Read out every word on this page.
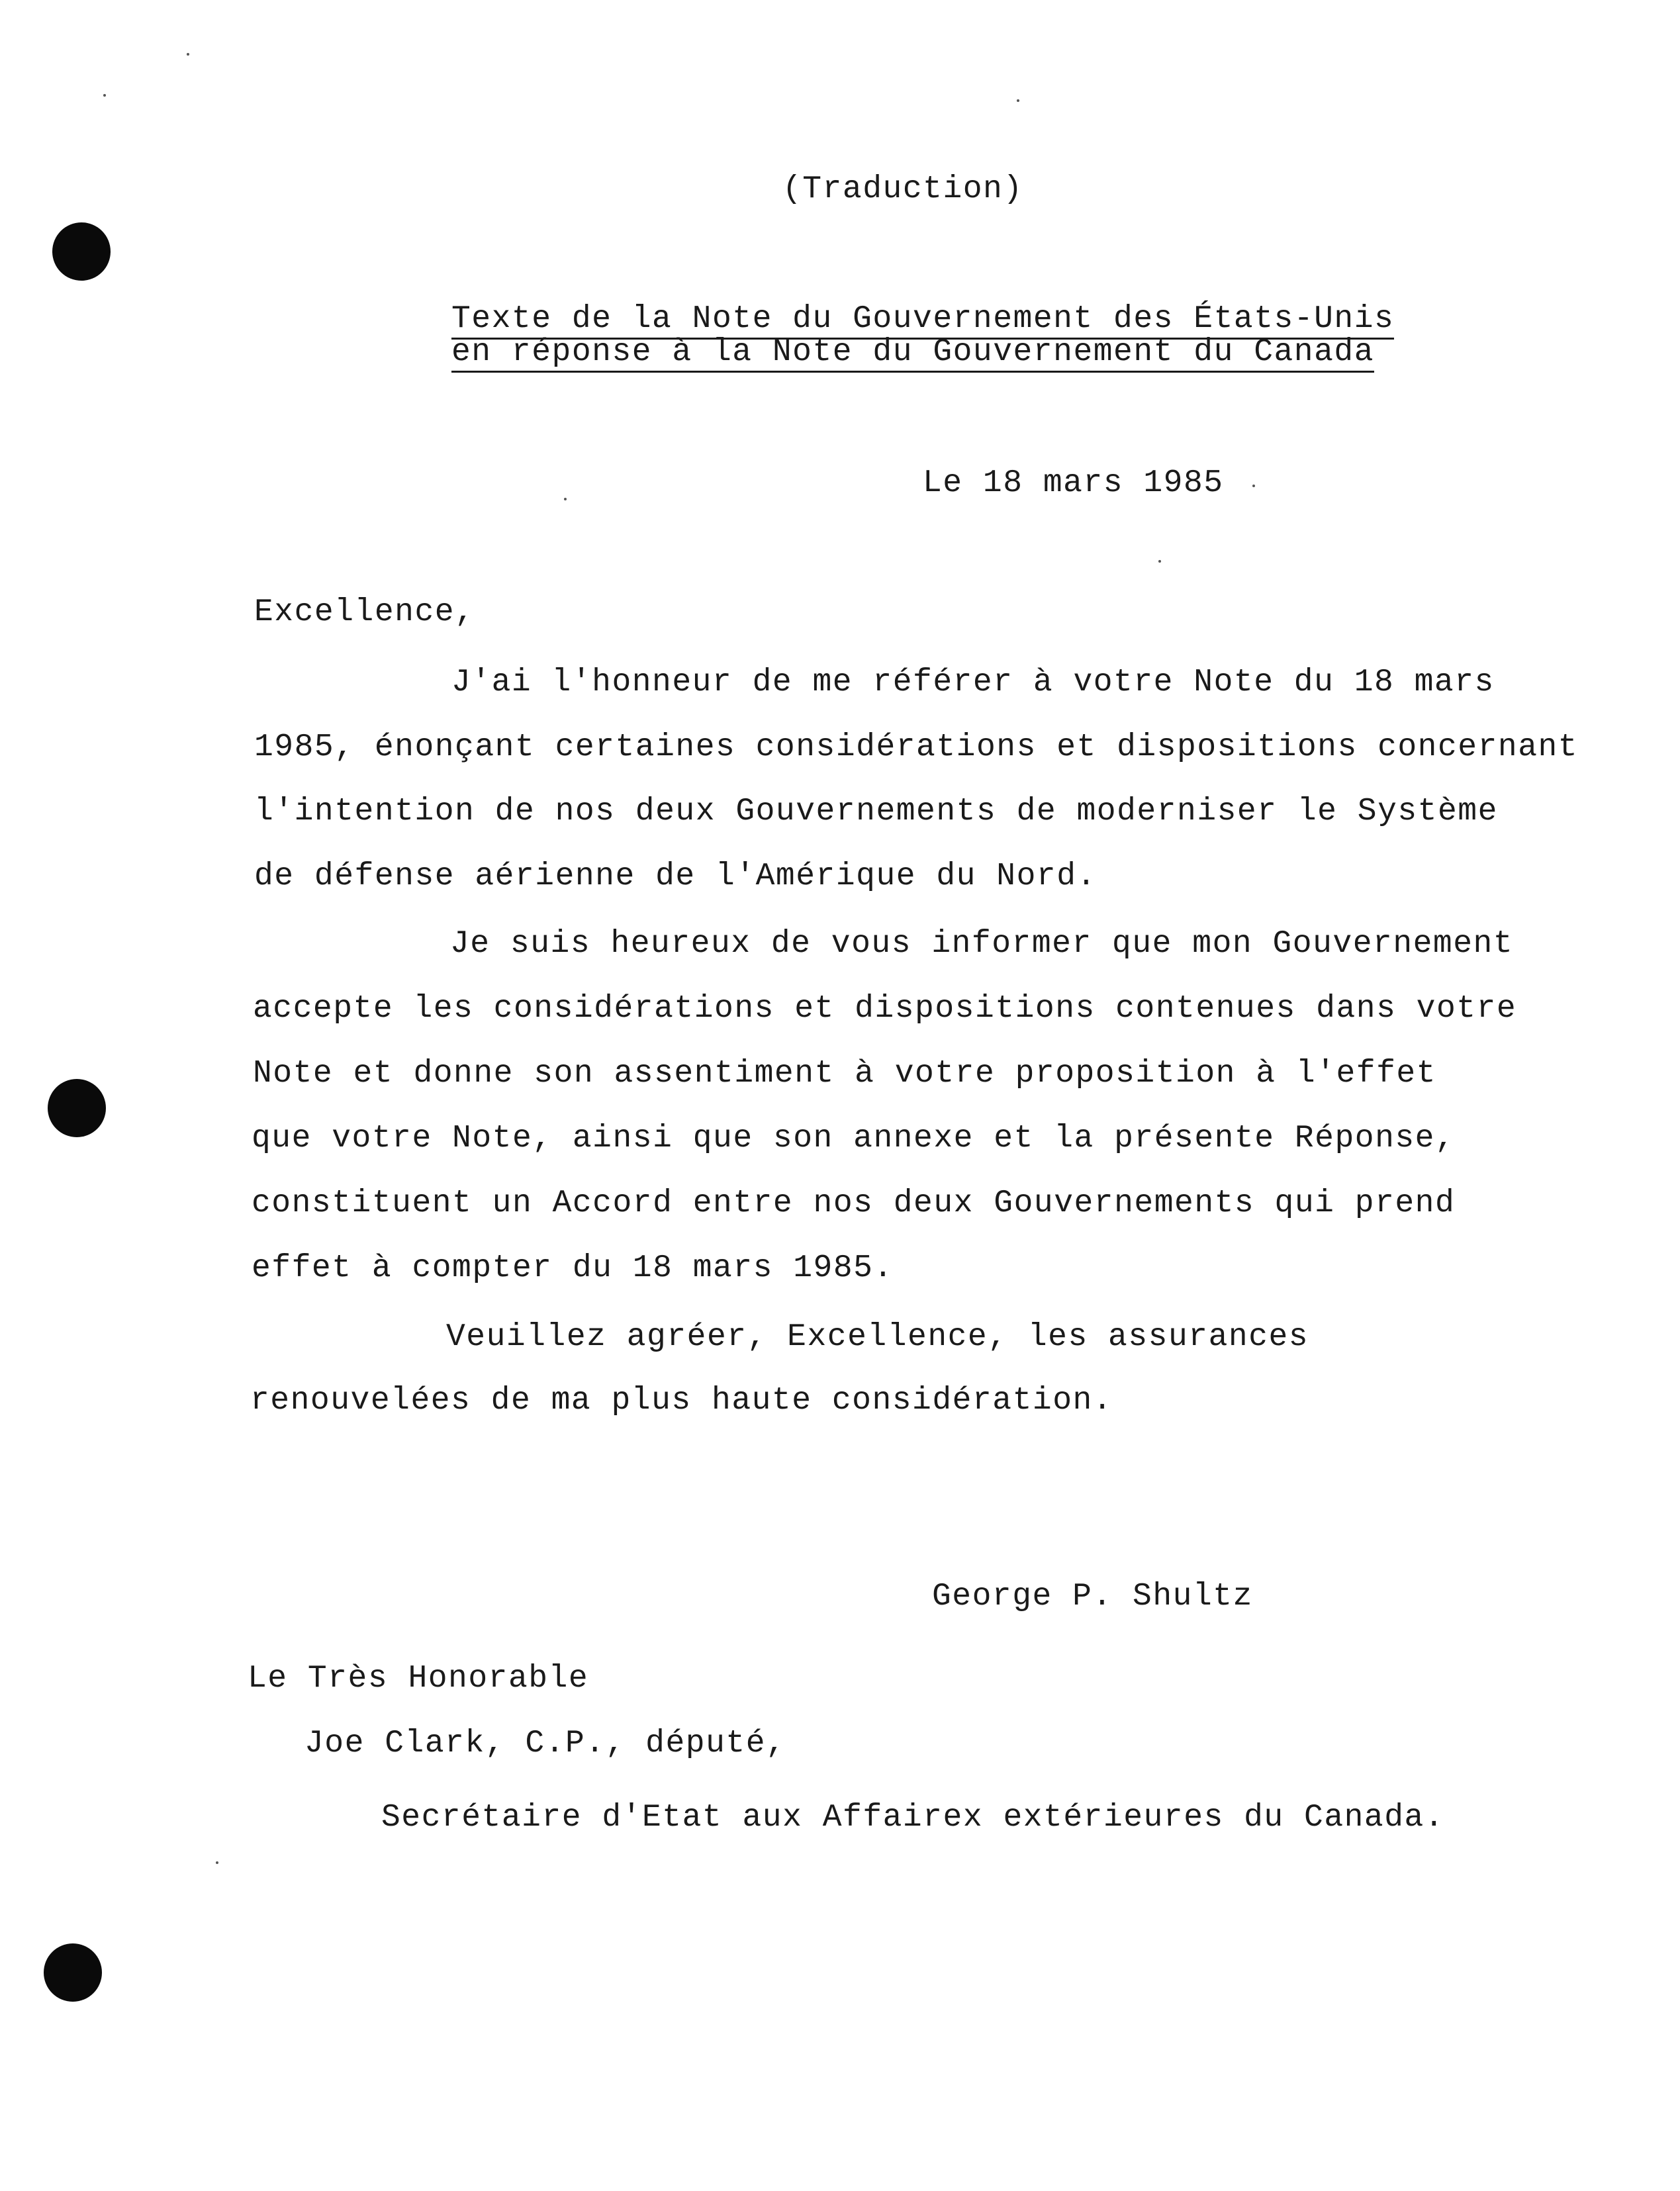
(Traduction)
Texte de la Note du Gouvernement des États-Unis
en réponse à la Note du Gouvernement du Canada
Le 18 mars 1985
Excellence,
J'ai l'honneur de me référer à votre Note du 18 mars
1985, énonçant certaines considérations et dispositions concernant
l'intention de nos deux Gouvernements de moderniser le Système
de défense aérienne de l'Amérique du Nord.
Je suis heureux de vous informer que mon Gouvernement
accepte les considérations et dispositions contenues dans votre
Note et donne son assentiment à votre proposition à l'effet
que votre Note, ainsi que son annexe et la présente Réponse,
constituent un Accord entre nos deux Gouvernements qui prend
effet à compter du 18 mars 1985.
Veuillez agréer, Excellence, les assurances
renouvelées de ma plus haute considération.
George P. Shultz
Le Très Honorable
Joe Clark, C.P., député,
Secrétaire d'Etat aux Affairex extérieures du Canada.
